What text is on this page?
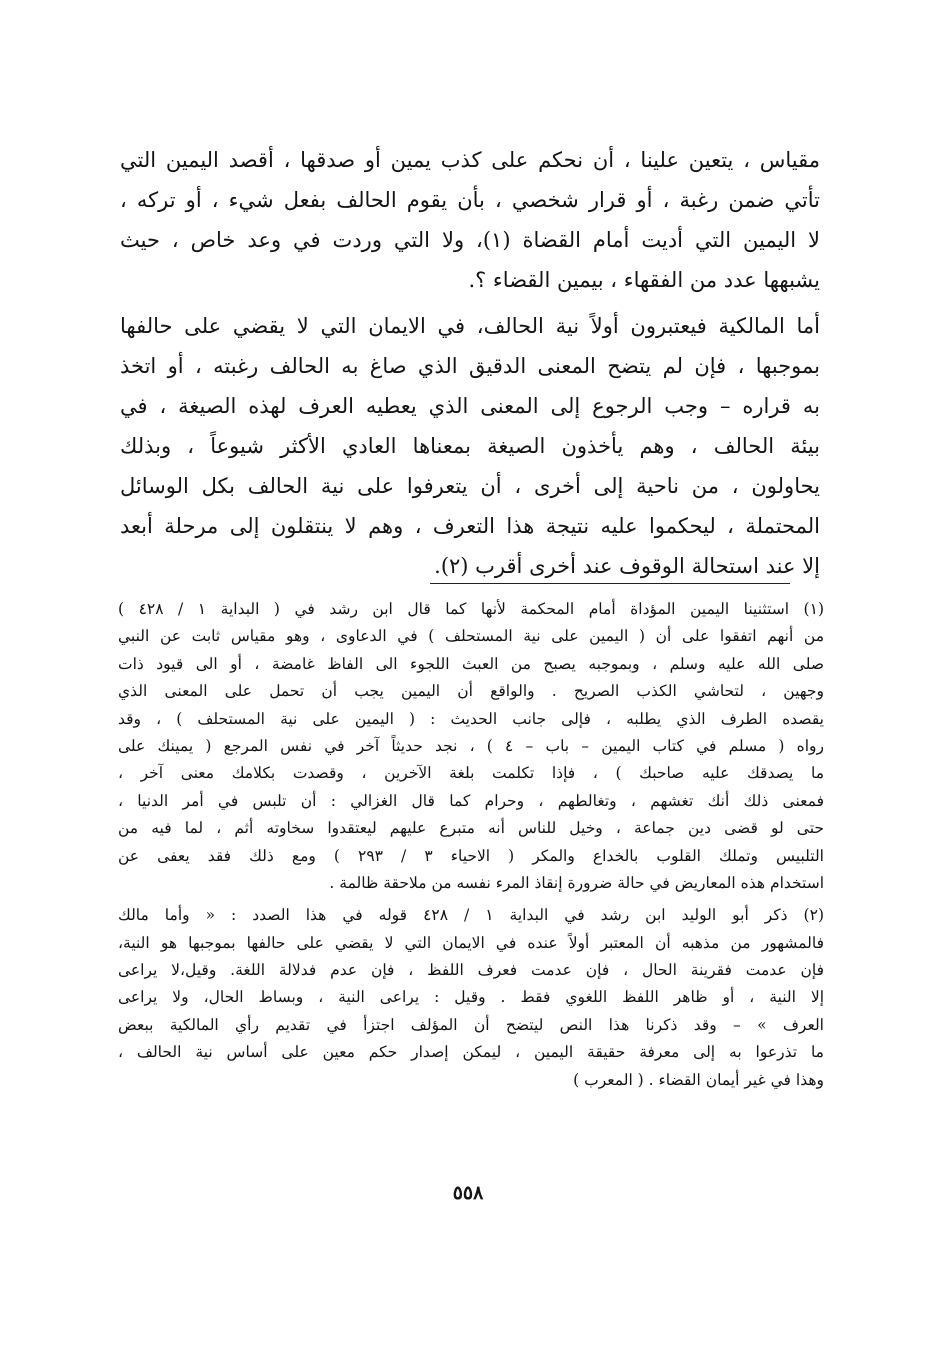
مقياس ، يتعين علينا ، أن نحكم على كذب يمين أو صدقها ، أقصد اليمين التي
تأتي ضمن رغبة ، أو قرار شخصي ، بأن يقوم الحالف بفعل شيء ، أو تركه ،
لا اليمين التي أديت أمام القضاة (١)، ولا التي وردت في وعد خاص ، حيث
يشبهها عدد من الفقهاء ، بيمين القضاء ؟.
أما المالكية فيعتبرون أولاً نية الحالف، في الايمان التي لا يقضي على حالفها
بموجبها ، فإن لم يتضح المعنى الدقيق الذي صاغ به الحالف رغبته ، أو اتخذ
به قراره – وجب الرجوع إلى المعنى الذي يعطيه العرف لهذه الصيغة ، في
بيئة الحالف ، وهم يأخذون الصيغة بمعناها العادي الأكثر شيوعاً ، وبذلك
يحاولون ، من ناحية إلى أخرى ، أن يتعرفوا على نية الحالف بكل الوسائل
المحتملة ، ليحكموا عليه نتيجة هذا التعرف ، وهم لا ينتقلون إلى مرحلة أبعد
إلا عند استحالة الوقوف عند أخرى أقرب (٢).
(١) استثنينا اليمين المؤداة أمام المحكمة لأنها كما قال ابن رشد في ( البداية ١ / ٤٢٨ )
من أنهم اتفقوا على أن ( اليمين على نية المستحلف ) في الدعاوى ، وهو مقياس ثابت عن النبي
صلى الله عليه وسلم ، وبموجبه يصبح من العبث اللجوء الى الفاظ غامضة ، أو الى قيود ذات
وجهين ، لتحاشي الكذب الصريح . والواقع أن اليمين يجب أن تحمل على المعنى الذي
يقصده الطرف الذي يطلبه ، فإلى جانب الحديث : ( اليمين على نية المستحلف ) ، وقد
رواه ( مسلم في كتاب اليمين – باب – ٤ ) ، نجد حديثاً آخر في نفس المرجع ( يمينك على
ما يصدقك عليه صاحبك ) ، فإذا تكلمت بلغة الآخرين ، وقصدت بكلامك معنى آخر ،
فمعنى ذلك أنك تغشهم ، وتغالطهم ، وحرام كما قال الغزالي : أن تلبس في أمر الدنيا ،
حتى لو قضى دين جماعة ، وخيل للناس أنه متبرع عليهم ليعتقدوا سخاوته أثم ، لما فيه من
التلبيس وتملك القلوب بالخداع والمكر ( الاحياء ٣ / ٢٩٣ ) ومع ذلك فقد يعفى عن
استخدام هذه المعاريض في حالة ضرورة إنقاذ المرء نفسه من ملاحقة ظالمة .
(٢) ذكر أبو الوليد ابن رشد في البداية ١ / ٤٢٨ قوله في هذا الصدد : « وأما مالك
فالمشهور من مذهبه أن المعتبر أولاً عنده في الايمان التي لا يقضي على حالفها بموجبها هو النية،
فإن عدمت فقرينة الحال ، فإن عدمت فعرف اللفظ ، فإن عدم فدلالة اللغة. وقيل،لا يراعى
إلا النية ، أو ظاهر اللفظ اللغوي فقط . وقيل : يراعى النية ، وبساط الحال، ولا يراعى
العرف » – وقد ذكرنا هذا النص ليتضح أن المؤلف اجتزأ في تقديم رأي المالكية ببعض
ما تذرعوا به إلى معرفة حقيقة اليمين ، ليمكن إصدار حكم معين على أساس نية الحالف ،
وهذا في غير أيمان القضاء . ( المعرب )
٥٥٨
